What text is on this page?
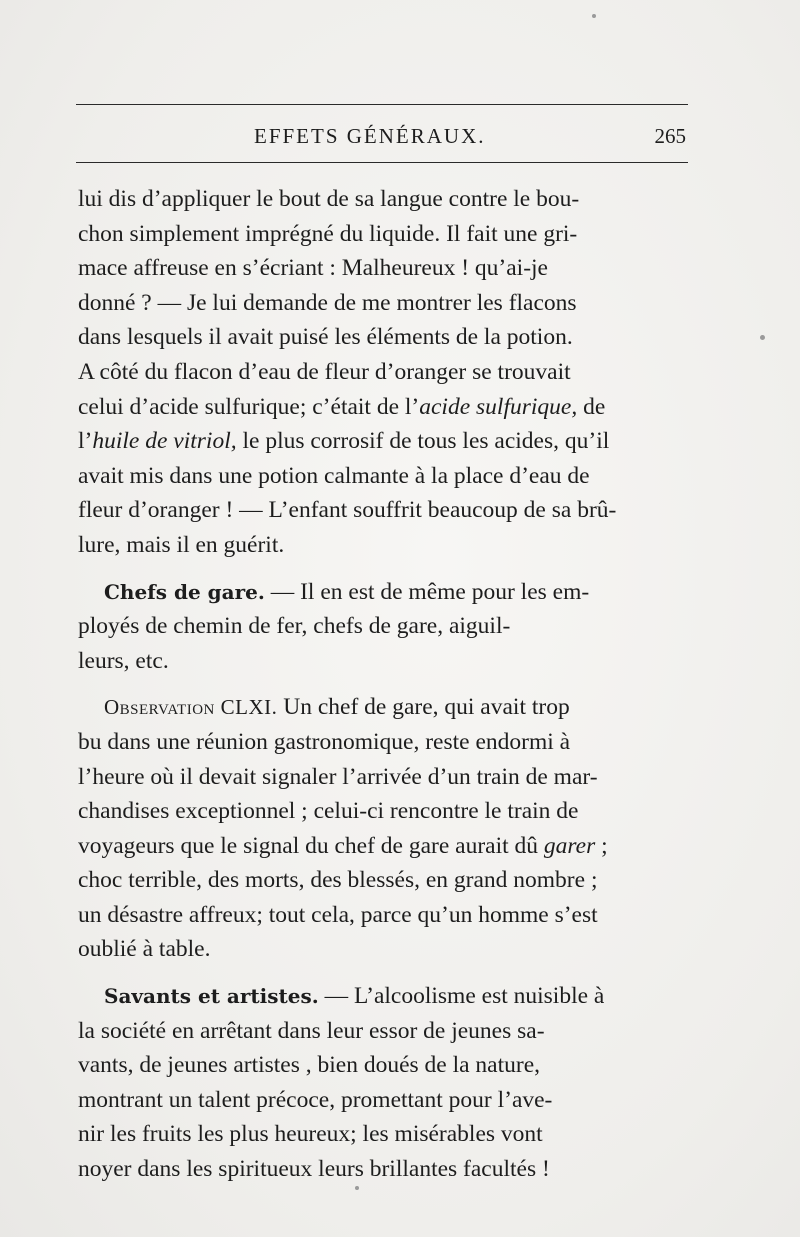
EFFETS GÉNÉRAUX.	265

lui dis d’appliquer le bout de sa langue contre le bou-
chon simplement imprégné du liquide. Il fait une gri-
mace affreuse en s’écriant : Malheureux ! qu’ai-je
donné ? — Je lui demande de me montrer les flacons
dans lesquels il avait puisé les éléments de la potion.
A côté du flacon d’eau de fleur d’oranger se trouvait
celui d’acide sulfurique; c’était de l’acide sulfurique, de
l’huile de vitriol, le plus corrosif de tous les acides, qu’il
avait mis dans une potion calmante à la place d’eau de
fleur d’oranger ! — L’enfant souffrit beaucoup de sa brû-
lure, mais il en guérit.

Chefs de gare. — Il en est de même pour les em-
ployés de chemin de fer, chefs de gare, aiguil-
leurs, etc.

Observation CLXI. Un chef de gare, qui avait trop
bu dans une réunion gastronomique, reste endormi à
l’heure où il devait signaler l’arrivée d’un train de mar-
chandises exceptionnel ; celui-ci rencontre le train de
voyageurs que le signal du chef de gare aurait dû garer ;
choc terrible, des morts, des blessés, en grand nombre ;
un désastre affreux; tout cela, parce qu’un homme s’est
oublié à table.

Savants et artistes. — L’alcoolisme est nuisible à
la société en arrêtant dans leur essor de jeunes sa-
vants, de jeunes artistes , bien doués de la nature,
montrant un talent précoce, promettant pour l’ave-
nir les fruits les plus heureux; les misérables vont
noyer dans les spiritueux leurs brillantes facultés !
